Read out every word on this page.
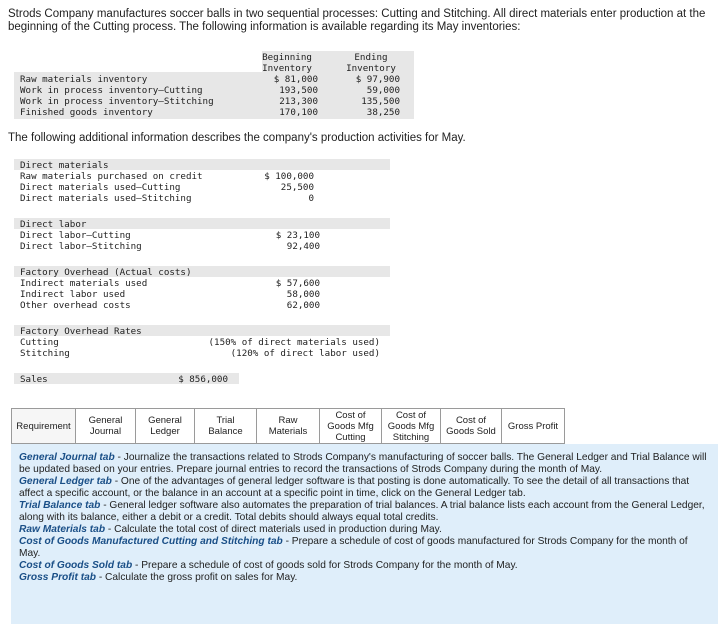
Strods Company manufactures soccer balls in two sequential processes: Cutting and Stitching. All direct materials enter production at the beginning of the Cutting process. The following information is available regarding its May inventories:
Beginning
Inventory
Ending
Inventory
Raw materials inventory
Work in process inventory—Cutting
Work in process inventory—Stitching
Finished goods inventory
$ 81,000
193,500
213,300
170,100
$ 97,900
59,000
135,500
38,250
The following additional information describes the company's production activities for May.
Direct materials
Raw materials purchased on credit
Direct materials used—Cutting
Direct materials used—Stitching
$ 100,000
25,500
0
Direct labor
Direct labor—Cutting
Direct labor—Stitching
$ 23,100
92,400
Factory Overhead (Actual costs)
Indirect materials used
Indirect labor used
Other overhead costs
$ 57,600
58,000
62,000
Factory Overhead Rates
Cutting
Stitching
(150% of direct materials used)
(120% of direct labor used)
Sales	$ 856,000
Requirement General
Journal
General
Ledger
Trial Balance
Raw
Materials
Cost of
Goods Mfg
Cutting
Cost of
Goods Mfg
Stitching
Cost of
Goods Sold Gross Profit

General Journal tab - Journalize the transactions related to Strods Company's manufacturing of soccer balls. The General Ledger and Trial Balance will be updated based on your entries. Prepare journal entries to record the transactions of Strods Company during the month of May.

General Ledger tab - One of the advantages of general ledger software is that posting is done automatically. To see the detail of all transactions that affect a specific account, or the balance in an account at a specific point in time, click on the General Ledger tab.

Trial Balance tab - General ledger software also automates the preparation of trial balances. A trial balance lists each account from the General Ledger, along with its balance, either a debit or a credit. Total debits should always equal total credits.

Raw Materials tab - Calculate the total cost of direct materials used in production during May.

Cost of Goods Manufactured Cutting and Stitching tab - Prepare a schedule of cost of goods manufactured for Strods Company for the month of May.

Cost of Goods Sold tab - Prepare a schedule of cost of goods sold for Strods Company for the month of May.

Gross Profit tab - Calculate the gross profit on sales for May.
